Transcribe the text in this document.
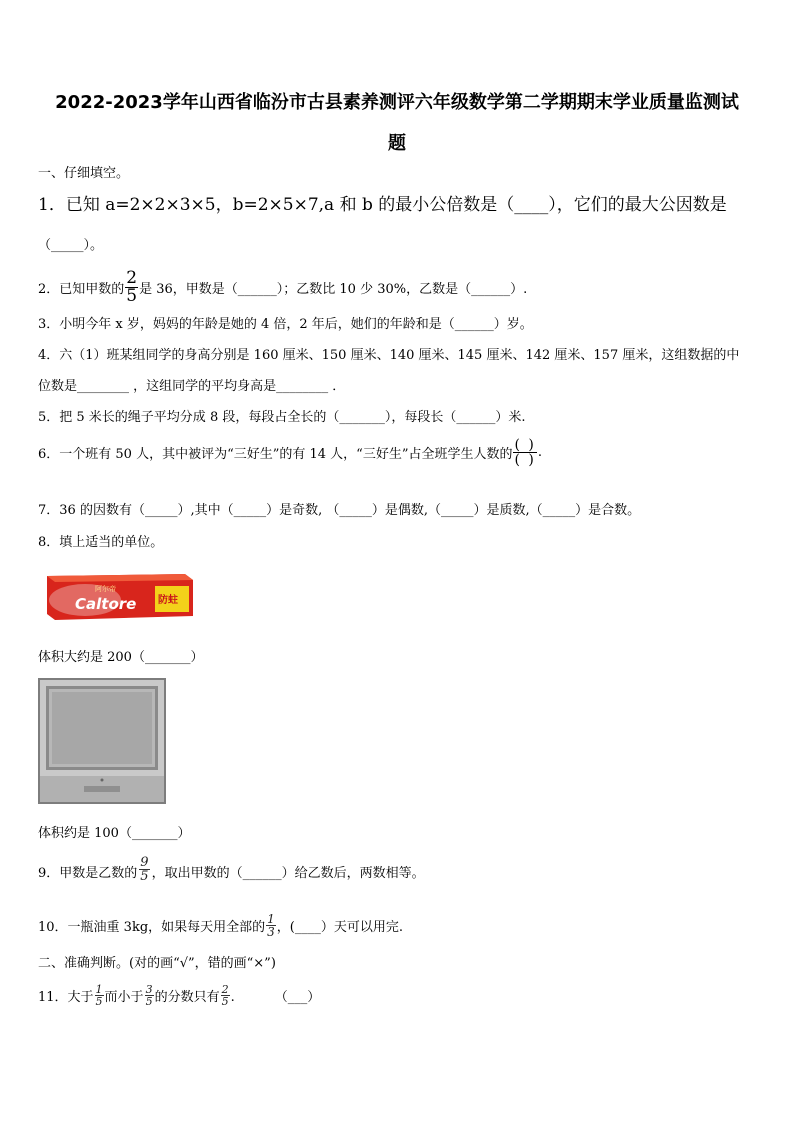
2022-2023学年山西省临汾市古县素养测评六年级数学第二学期期末学业质量监测试
题
一、仔细填空。
1．已知 a=2×2×3×5，b=2×5×7,a 和 b 的最小公倍数是（____），它们的最大公因数是
（_____）。
2．已知甲数的 $\frac{2}{5}$ 是 36，甲数是（______）；乙数比 10 少 30%，乙数是（______）.
3．小明今年 x 岁，妈妈的年龄是她的 4 倍，2 年后，她们的年龄和是（______）岁。
4．六（1）班某组同学的身高分别是 160 厘米、150 厘米、140 厘米、145 厘米、142 厘米、157 厘米，这组数据的中
位数是________ ，这组同学的平均身高是________ ．
5．把 5 米长的绳子平均分成 8 段，每段占全长的（_______），每段长（______）米.
6．一个班有 50 人，其中被评为“三好生”的有 14 人，“三好生”占全班学生人数的 $\frac{( )}{( )}$ .
7．36 的因数有（_____）,其中（_____）是奇数, （_____）是偶数,（_____）是质数,（_____）是合数。
8．填上适当的单位。
阿尔帝
Caltore 防蛀
体积大约是 200（_______）
体积约是 100（_______）
9．甲数是乙数的 $\frac{9}{5}$ ，取出甲数的（______）给乙数后，两数相等。
10．一瓶油重 3kg，如果每天用全部的 $\frac{1}{3}$ ，(____）天可以用完.
二、准确判断。(对的画“√”，错的画“×”)
11．大于 $\frac{1}{5}$ 而小于 $\frac{3}{5}$ 的分数只有 $\frac{2}{5}$ .	（___）
